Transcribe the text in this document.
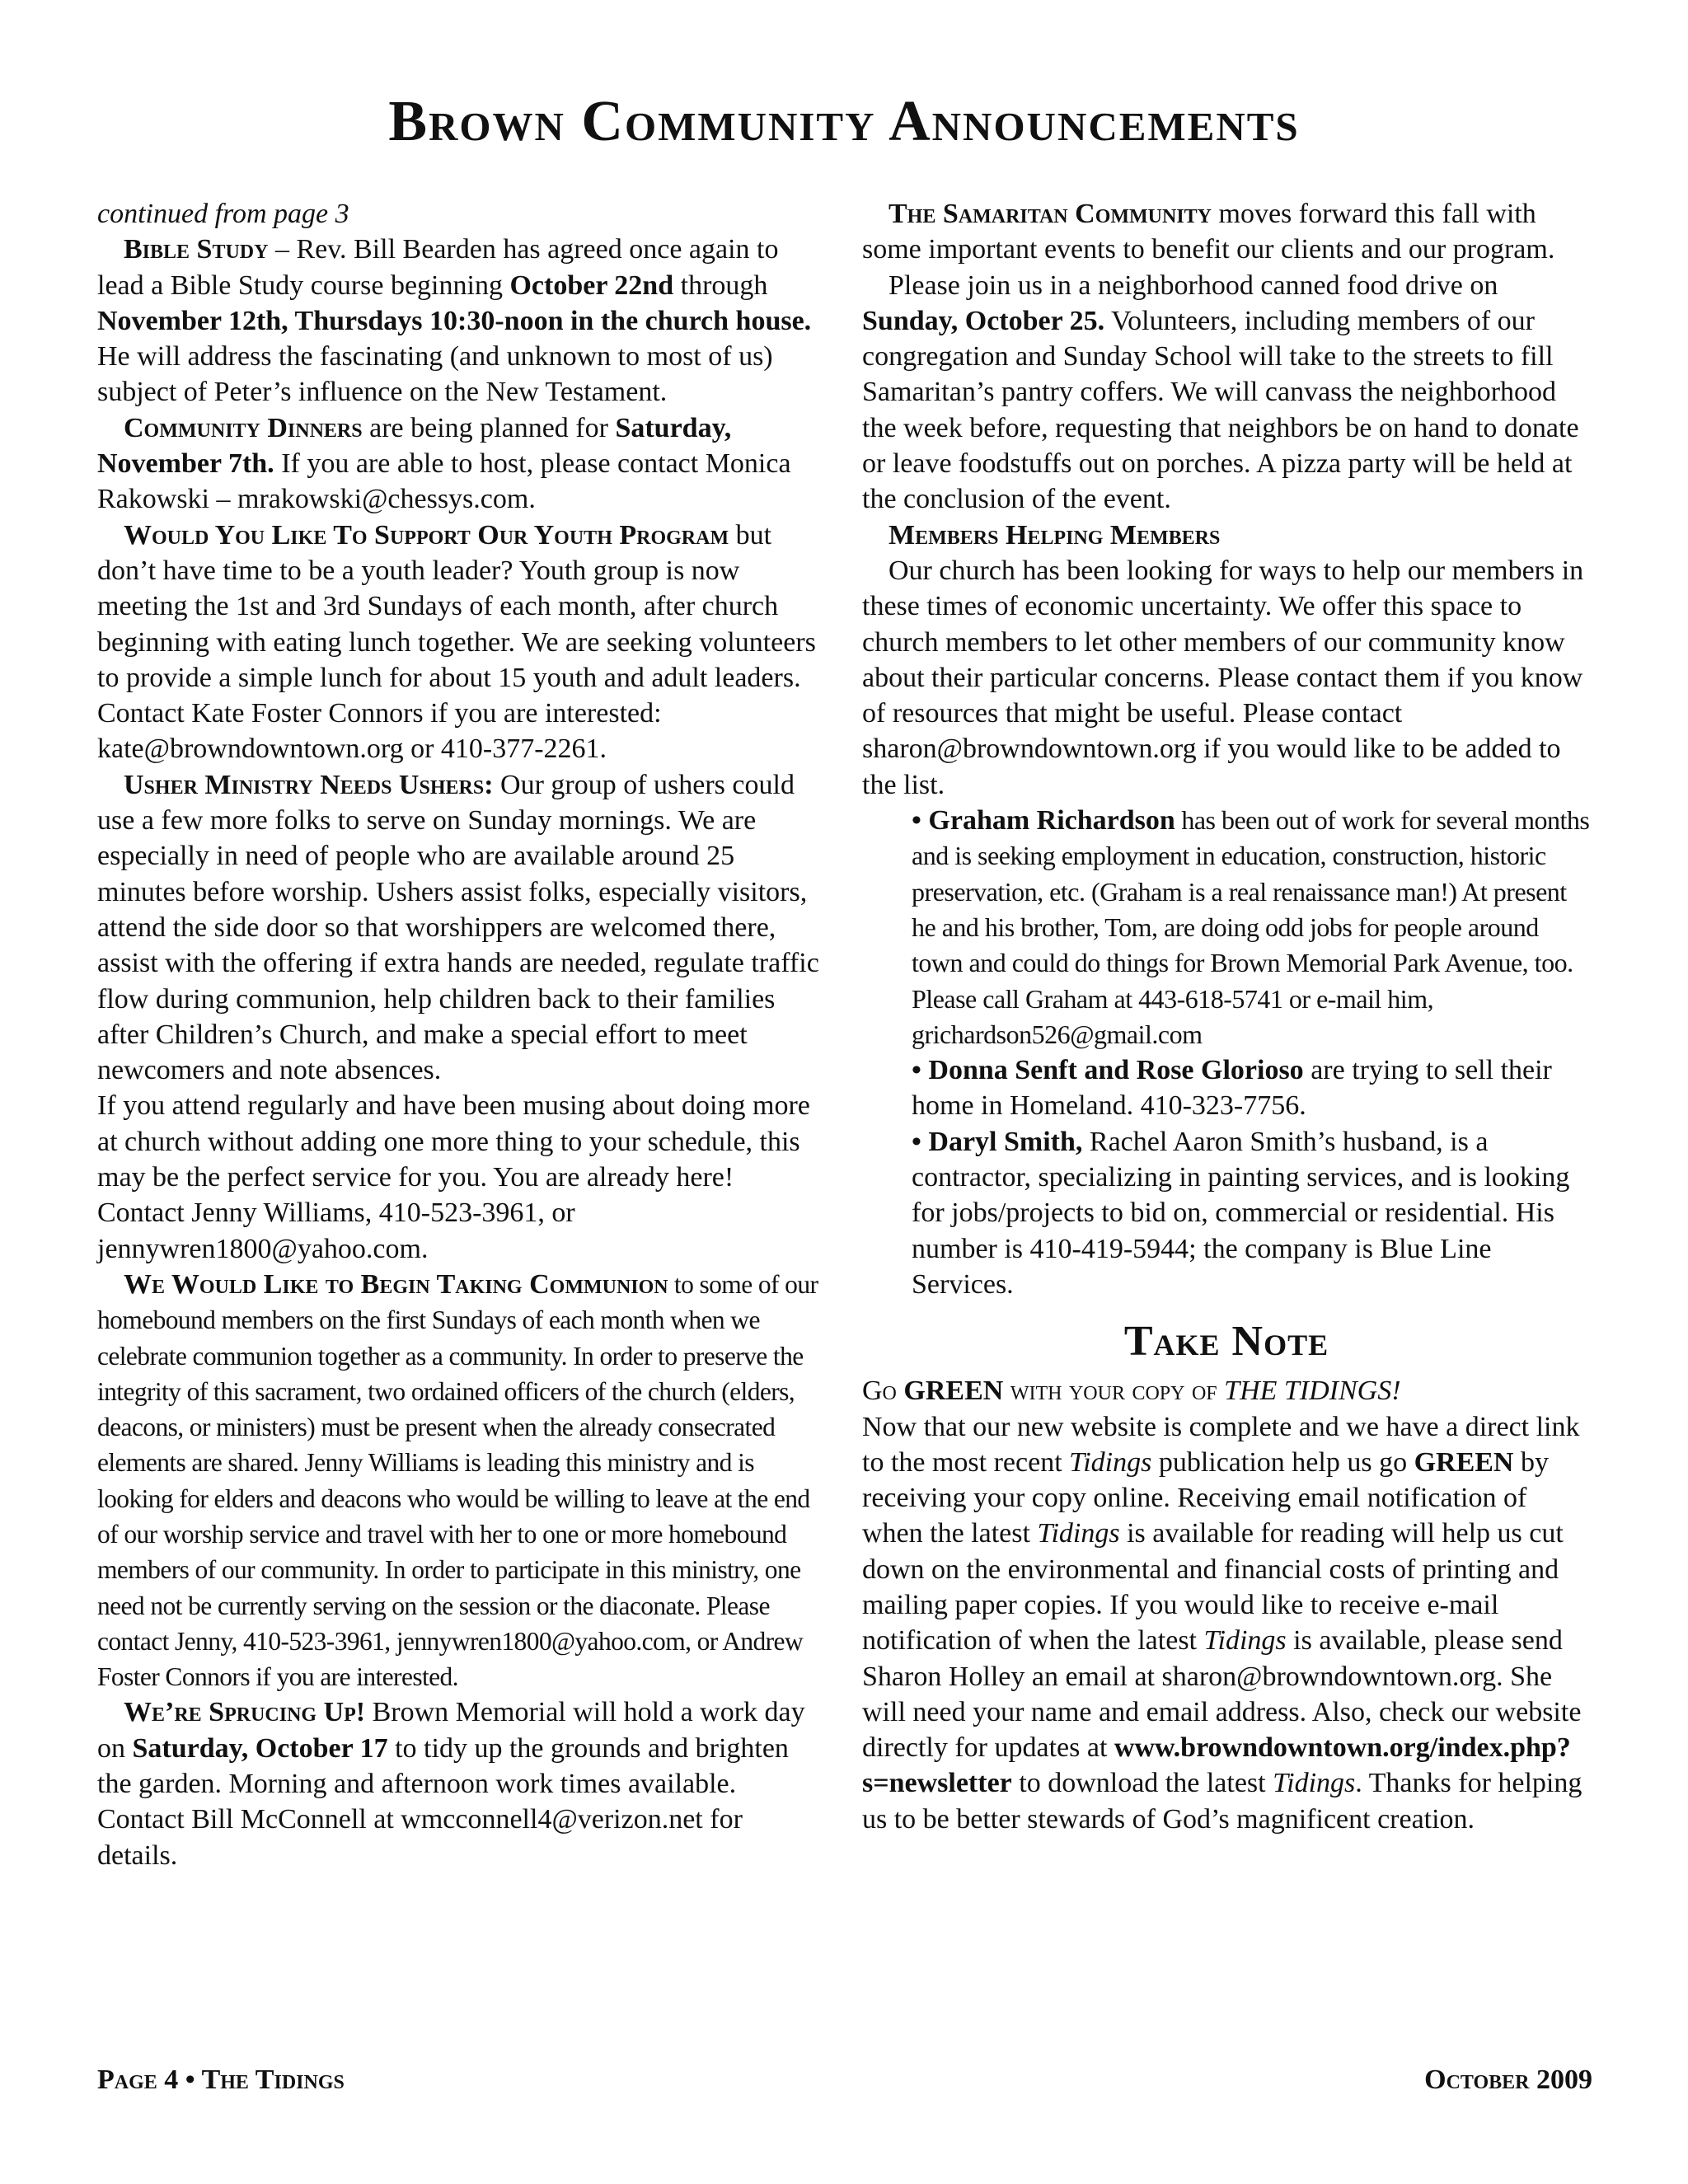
Brown Community Announcements

continued from page 3

Bible Study – Rev. Bill Bearden has agreed once again to lead a Bible Study course beginning October 22nd through November 12th, Thursdays 10:30-noon in the church house. He will address the fascinating (and unknown to most of us) subject of Peter’s influence on the New Testament.

Community Dinners are being planned for Saturday, November 7th. If you are able to host, please contact Monica Rakowski – mrakowski@chessys.com.

Would You Like To Support Our Youth Program but don’t have time to be a youth leader? Youth group is now meeting the 1st and 3rd Sundays of each month, after church beginning with eating lunch together. We are seeking volunteers to provide a simple lunch for about 15 youth and adult leaders. Contact Kate Foster Connors if you are interested: kate@browndowntown.org or 410-377-2261.

Usher Ministry Needs Ushers: Our group of ushers could use a few more folks to serve on Sunday mornings. We are especially in need of people who are available around 25 minutes before worship. Ushers assist folks, especially visitors, attend the side door so that worshippers are welcomed there, assist with the offering if extra hands are needed, regulate traffic flow during communion, help children back to their families after Children’s Church, and make a special effort to meet newcomers and note absences.

If you attend regularly and have been musing about doing more at church without adding one more thing to your schedule, this may be the perfect service for you. You are already here! Contact Jenny Williams, 410-523-3961, or jennywren1800@yahoo.com.

We Would Like to Begin Taking Communion to some of our homebound members on the first Sundays of each month when we celebrate communion together as a community. In order to preserve the integrity of this sacrament, two ordained officers of the church (elders, deacons, or ministers) must be present when the already consecrated elements are shared. Jenny Williams is leading this ministry and is looking for elders and deacons who would be willing to leave at the end of our worship service and travel with her to one or more homebound members of our community. In order to participate in this ministry, one need not be currently serving on the session or the diaconate. Please contact Jenny, 410-523-3961, jennywren1800@yahoo.com, or Andrew Foster Connors if you are interested.

We’re Sprucing Up! Brown Memorial will hold a work day on Saturday, October 17 to tidy up the grounds and brighten the garden. Morning and afternoon work times available. Contact Bill McConnell at wmcconnell4@verizon.net for details.

The Samaritan Community moves forward this fall with some important events to benefit our clients and our program.

Please join us in a neighborhood canned food drive on Sunday, October 25. Volunteers, including members of our congregation and Sunday School will take to the streets to fill Samaritan’s pantry coffers. We will canvass the neighborhood the week before, requesting that neighbors be on hand to donate or leave foodstuffs out on porches. A pizza party will be held at the conclusion of the event.

Members Helping Members

Our church has been looking for ways to help our members in these times of economic uncertainty. We offer this space to church members to let other members of our community know about their particular concerns. Please contact them if you know of resources that might be useful. Please contact sharon@browndowntown.org if you would like to be added to the list.

• Graham Richardson has been out of work for several months and is seeking employment in education, construction, historic preservation, etc. (Graham is a real renaissance man!) At present he and his brother, Tom, are doing odd jobs for people around town and could do things for Brown Memorial Park Avenue, too. Please call Graham at 443-618-5741 or e-mail him, grichardson526@gmail.com

• Donna Senft and Rose Glorioso are trying to sell their home in Homeland. 410-323-7756.

• Daryl Smith, Rachel Aaron Smith’s husband, is a contractor, specializing in painting services, and is looking for jobs/projects to bid on, commercial or residential. His number is 410-419-5944; the company is Blue Line Services.

Take Note

Go GREEN with your copy of THE TIDINGS!

Now that our new website is complete and we have a direct link to the most recent Tidings publication help us go GREEN by receiving your copy online. Receiving email notification of when the latest Tidings is available for reading will help us cut down on the environmental and financial costs of printing and mailing paper copies. If you would like to receive e-mail notification of when the latest Tidings is available, please send Sharon Holley an email at sharon@browndowntown.org. She will need your name and email address. Also, check our website directly for updates at www.browndowntown.org/index.php?s=newsletter to download the latest Tidings. Thanks for helping us to be better stewards of God’s magnificent creation.

Page 4 • The Tidings	October 2009
